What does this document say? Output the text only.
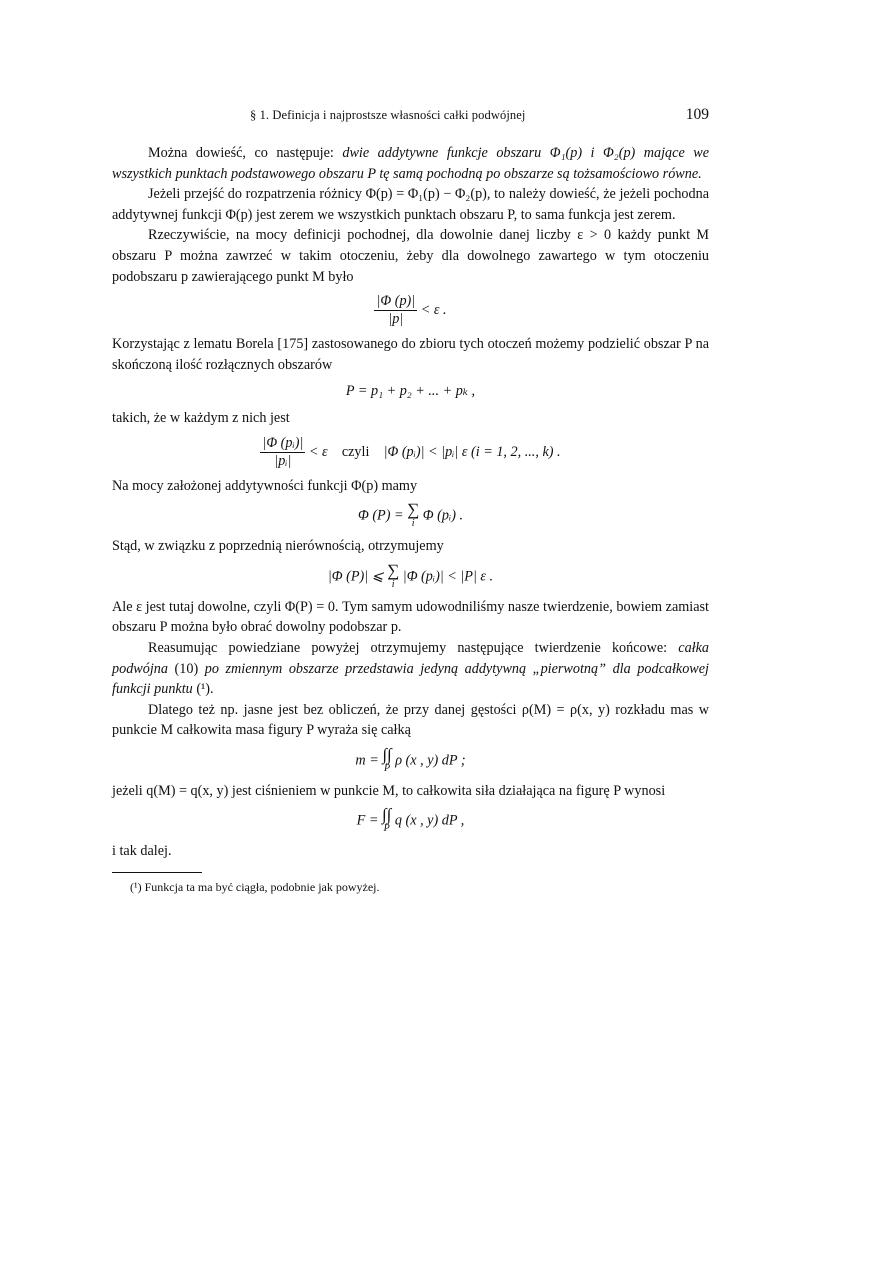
§ 1. Definicja i najprostsze własności całki podwójnej	109

Można dowieść, co następuje: dwie addytywne funkcje obszaru Φ₁(p) i Φ₂(p) mające we wszystkich punktach podstawowego obszaru P tę samą pochodną po obszarze są tożsamościowo równe.

Jeżeli przejść do rozpatrzenia różnicy Φ(p) = Φ₁(p) − Φ₂(p), to należy dowieść, że jeżeli pochodna addytywnej funkcji Φ(p) jest zerem we wszystkich punktach obszaru P, to sama funkcja jest zerem.

Rzeczywiście, na mocy definicji pochodnej, dla dowolnie danej liczby ε > 0 każdy punkt M obszaru P można zawrzeć w takim otoczeniu, żeby dla dowolnego zawartego w tym otoczeniu podobszaru p zawierającego punkt M było

$\frac{|\Phi (p)|}{|p|} < \varepsilon$ .

Korzystając z lematu Borela [175] zastosowanego do zbioru tych otoczeń możemy podzielić obszar P na skończoną ilość rozłącznych obszarów

P = p₁ + p₂ + ... + pₖ ,

takich, że w każdym z nich jest

$\frac{\text{|Φ (pᵢ)|}}{\text{|pᵢ|}} < \varepsilon$ czyli |Φ (pᵢ)| < |pᵢ| ε (i = 1, 2, ..., k) .

Na mocy założonej addytywności funkcji Φ(p) mamy

Φ (P) = ∑
i
Φ (pᵢ) .

Stąd, w związku z poprzednią nierównością, otrzymujemy

|Φ (P)| ⩽ ∑
i
|Φ (pᵢ)| < |P| ε .

Ale ε jest tutaj dowolne, czyli Φ(P) = 0. Tym samym udowodniliśmy nasze twierdzenie, bowiem zamiast obszaru P można było obrać dowolny podobszar p.

Reasumując powiedziane powyżej otrzymujemy następujące twierdzenie końcowe: całka podwójna (10) po zmiennym obszarze przedstawia jedyną addytywną „pierwotną” dla podcałkowej funkcji punktu (¹).

Dlatego też np. jasne jest bez obliczeń, że przy danej gęstości ρ(M) = ρ(x, y) rozkładu mas w punkcie M całkowita masa figury P wyraża się całką

m = ∫∫
P
ρ (x , y) dP ;

jeżeli q(M) = q(x, y) jest ciśnieniem w punkcie M, to całkowita siła działająca na figurę P wynosi

F = ∫∫
P
q (x , y) dP ,

i tak dalej.

(¹) Funkcja ta ma być ciągła, podobnie jak powyżej.
